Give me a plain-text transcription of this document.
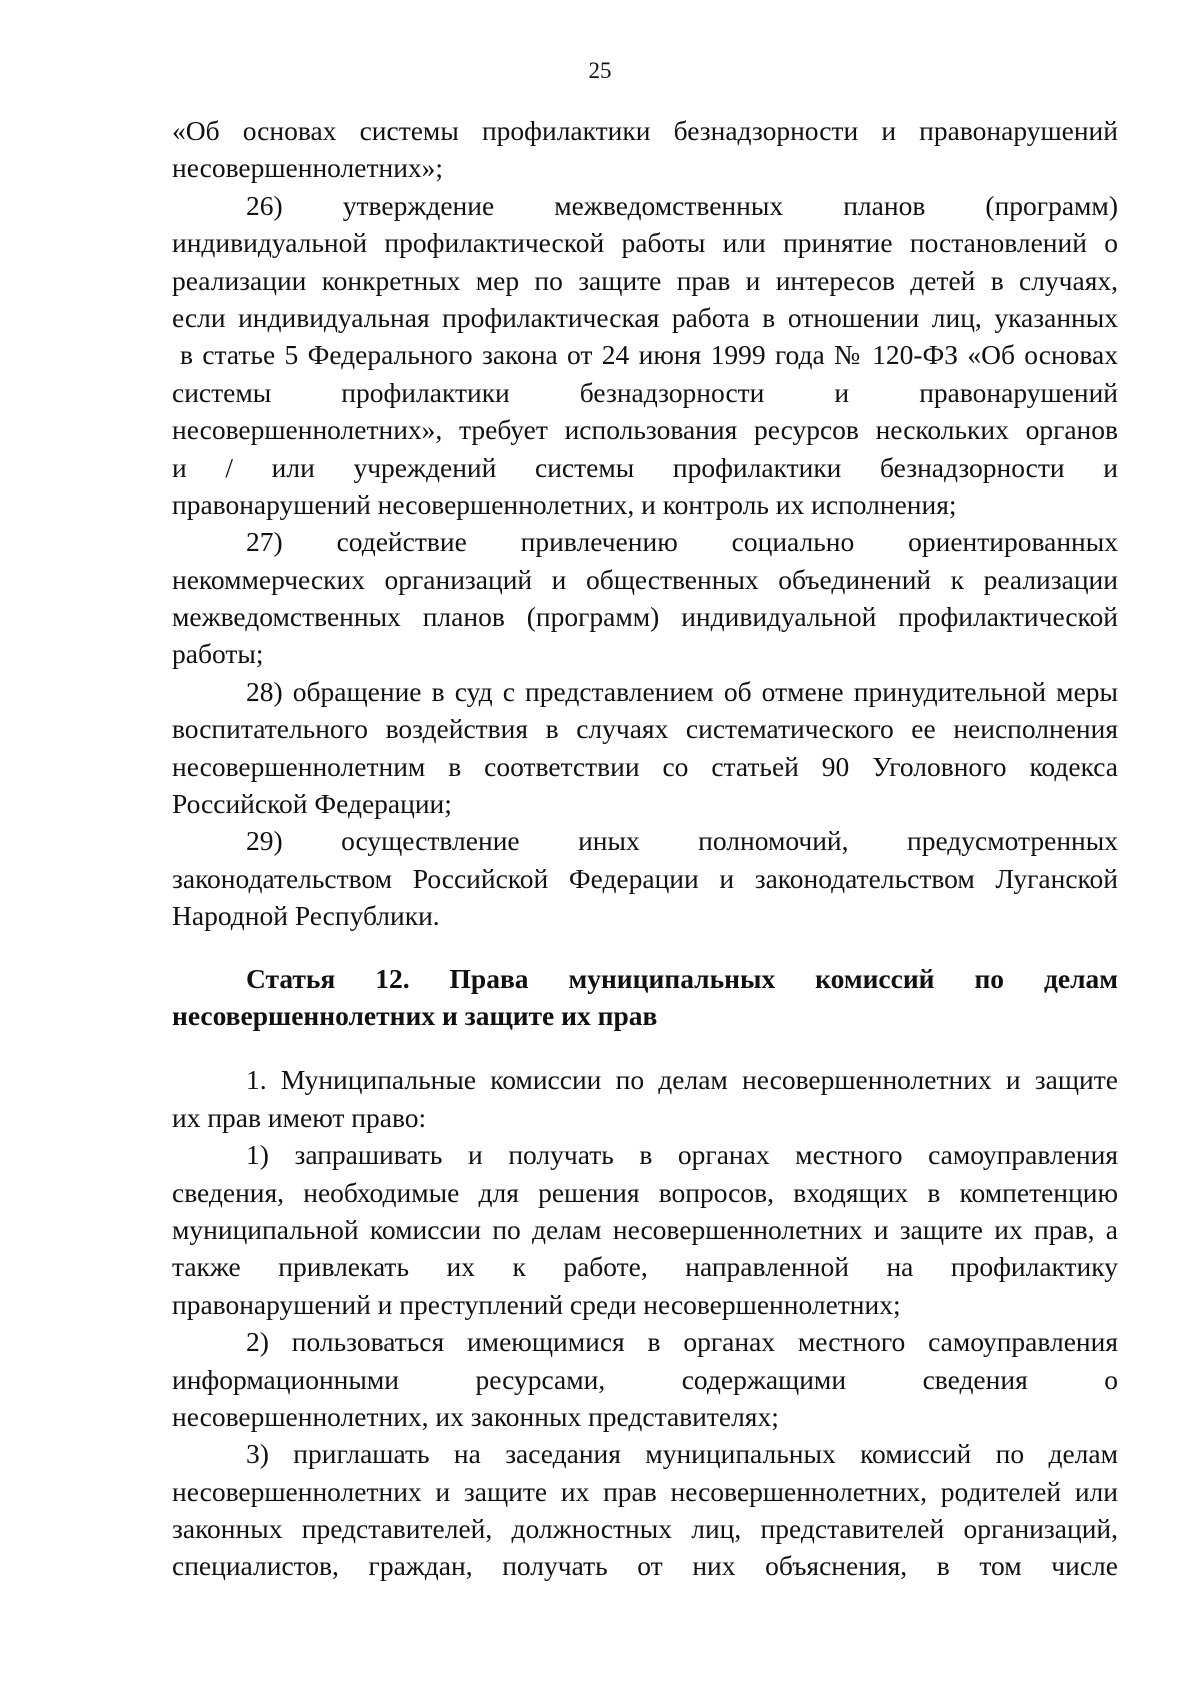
25
«Об основах системы профилактики безнадзорности и правонарушений
несовершеннолетних»;
26) утверждение межведомственных планов (программ)
индивидуальной профилактической работы или принятие постановлений о
реализации конкретных мер по защите прав и интересов детей в случаях,
если индивидуальная профилактическая работа в отношении лиц, указанных
в статье 5 Федерального закона от 24 июня 1999 года № 120-ФЗ «Об основах
системы профилактики безнадзорности и правонарушений
несовершеннолетних», требует использования ресурсов нескольких органов
и / или учреждений системы профилактики безнадзорности и
правонарушений несовершеннолетних, и контроль их исполнения;
27) содействие привлечению социально ориентированных
некоммерческих организаций и общественных объединений к реализации
межведомственных планов (программ) индивидуальной профилактической
работы;
28) обращение в суд с представлением об отмене принудительной меры
воспитательного воздействия в случаях систематического ее неисполнения
несовершеннолетним в соответствии со статьей 90 Уголовного кодекса
Российской Федерации;
29) осуществление иных полномочий, предусмотренных
законодательством Российской Федерации и законодательством Луганской
Народной Республики.
Статья 12. Права муниципальных комиссий по делам
несовершеннолетних и защите их прав
1. Муниципальные комиссии по делам несовершеннолетних и защите
их прав имеют право:
1) запрашивать и получать в органах местного самоуправления
сведения, необходимые для решения вопросов, входящих в компетенцию
муниципальной комиссии по делам несовершеннолетних и защите их прав, а
также привлекать их к работе, направленной на профилактику
правонарушений и преступлений среди несовершеннолетних;
2) пользоваться имеющимися в органах местного самоуправления
информационными ресурсами, содержащими сведения о
несовершеннолетних, их законных представителях;
3) приглашать на заседания муниципальных комиссий по делам
несовершеннолетних и защите их прав несовершеннолетних, родителей или
законных представителей, должностных лиц, представителей организаций,
специалистов, граждан, получать от них объяснения, в том числе
